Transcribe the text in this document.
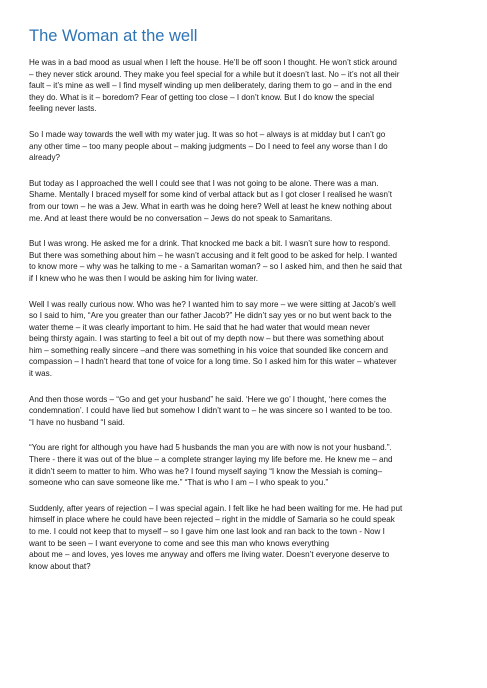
The Woman at the well

He was in a bad mood as usual when I left the house. He’ll be off soon I thought. He won’t stick around
– they never stick around. They make you feel special for a while but it doesn’t last. No – it’s not all their
fault – it’s mine as well – I find myself winding up men deliberately, daring them to go – and in the end
they do. What is it – boredom? Fear of getting too close – I don’t know. But I do know the special
feeling never lasts.

So I made way towards the well with my water jug. It was so hot – always is at midday but I can’t go
any other time – too many people about – making judgments – Do I need to feel any worse than I do
already?

But today as I approached the well I could see that I was not going to be alone. There was a man.
Shame. Mentally I braced myself for some kind of verbal attack but as I got closer I realised he wasn’t
from our town – he was a Jew. What in earth was he doing here? Well at least he knew nothing about
me. And at least there would be no conversation – Jews do not speak to Samaritans.

But I was wrong. He asked me for a drink. That knocked me back a bit. I wasn’t sure how to respond.
But there was something about him – he wasn’t accusing and it felt good to be asked for help. I wanted
to know more – why was he talking to me - a Samaritan woman? – so I asked him, and then he said that
if I knew who he was then I would be asking him for living water.

Well I was really curious now. Who was he? I wanted him to say more – we were sitting at Jacob’s well
so I said to him, “Are you greater than our father Jacob?” He didn’t say yes or no but went back to the
water theme – it was clearly important to him. He said that he had water that would mean never
being thirsty again. I was starting to feel a bit out of my depth now – but there was something about
him – something really sincere –and there was something in his voice that sounded like concern and
compassion – I hadn’t heard that tone of voice for a long time. So I asked him for this water – whatever
it was.

And then those words – “Go and get your husband” he said. ‘Here we go’ I thought, ‘here comes the
condemnation’. I could have lied but somehow I didn’t want to – he was sincere so I wanted to be too.
“I have no husband “I said.

“You are right for although you have had 5 husbands the man you are with now is not your husband.”.
There - there it was out of the blue – a complete stranger laying my life before me. He knew me – and
it didn’t seem to matter to him. Who was he? I found myself saying “I know the Messiah is coming–
someone who can save someone like me.” “That is who I am – I who speak to you.”

Suddenly, after years of rejection – I was special again. I felt like he had been waiting for me. He had put
himself in place where he could have been rejected – right in the middle of Samaria so he could speak
to me. I could not keep that to myself – so I gave him one last look and ran back to the town - Now I
want to be seen – I want everyone to come and see this man who knows everything
about me – and loves, yes loves me anyway and offers me living water. Doesn’t everyone deserve to
know about that?
